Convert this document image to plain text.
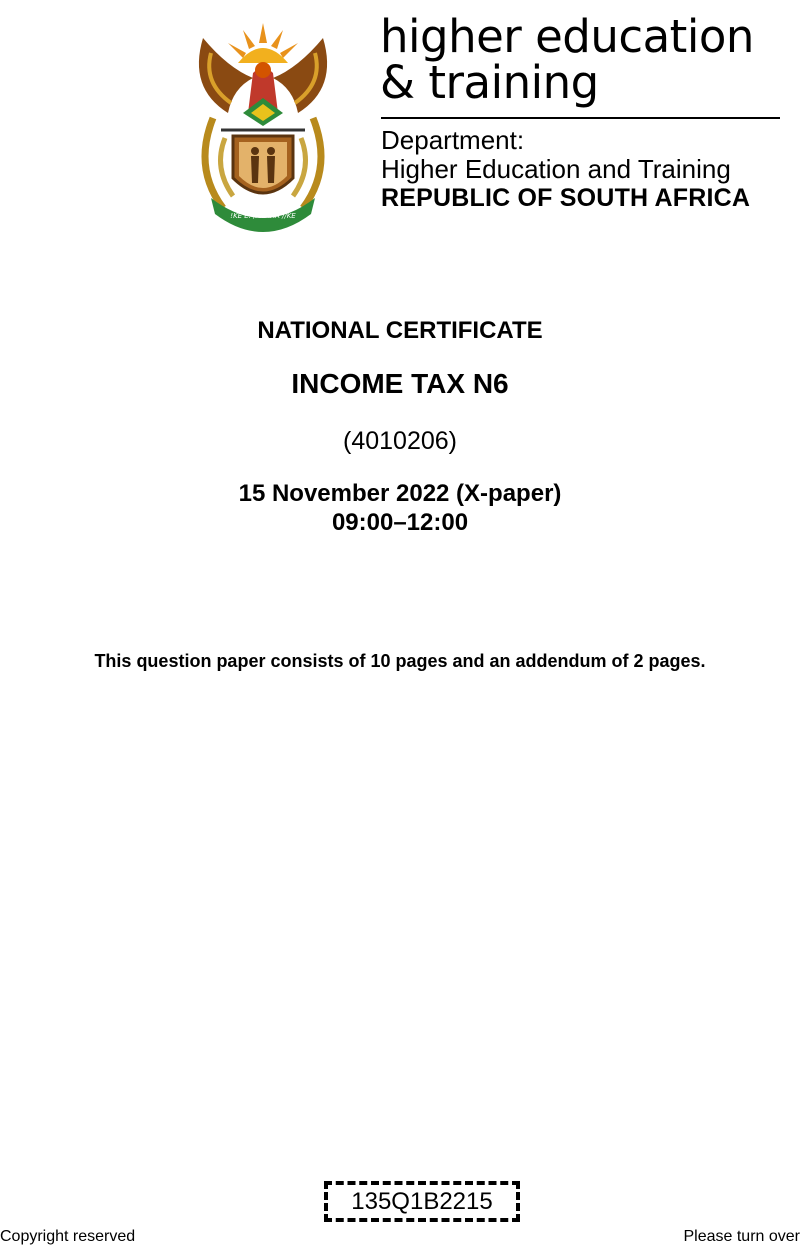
!KE E: /XARRA //KE
higher education
& training
Department:
Higher Education and Training
REPUBLIC OF SOUTH AFRICA
NATIONAL CERTIFICATE
INCOME TAX N6
(4010206)
15 November 2022 (X-paper)
09:00–12:00
This question paper consists of 10 pages and an addendum of 2 pages.
135Q1B2215
Copyright reserved	Please turn over
